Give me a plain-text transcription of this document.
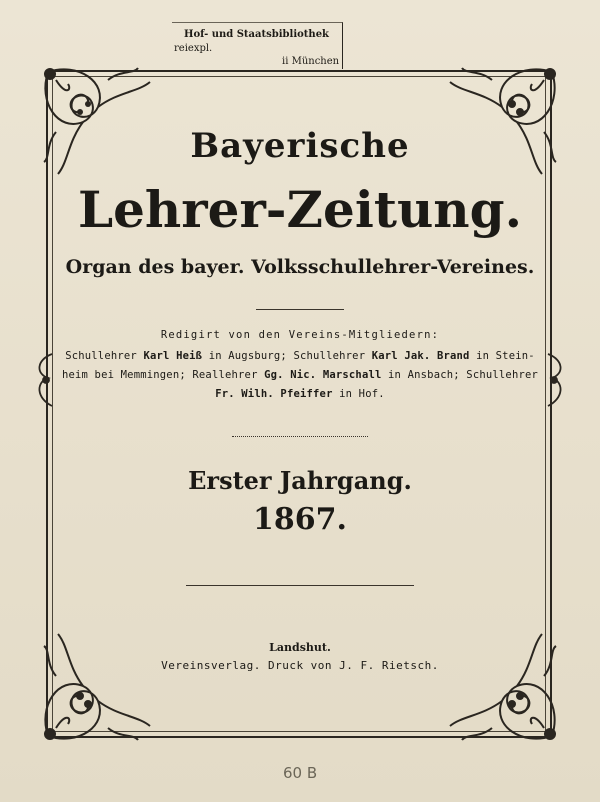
Hof- und Staatsbibliothek
reiexpl.
ii München
Bayerische
Lehrer-Zeitung.
Organ des bayer. Volksschullehrer-Vereines.
Redigirt von den Vereins-Mitgliedern:
Schullehrer Karl Heiß in Augsburg; Schullehrer Karl Jak. Brand in Stein-
heim bei Memmingen; Reallehrer Gg. Nic. Marschall in Ansbach; Schullehrer
Fr. Wilh. Pfeiffer in Hof.
Erster Jahrgang.
1867.
Landshut.
Vereinsverlag. Druck von J. F. Rietsch.
60 B
